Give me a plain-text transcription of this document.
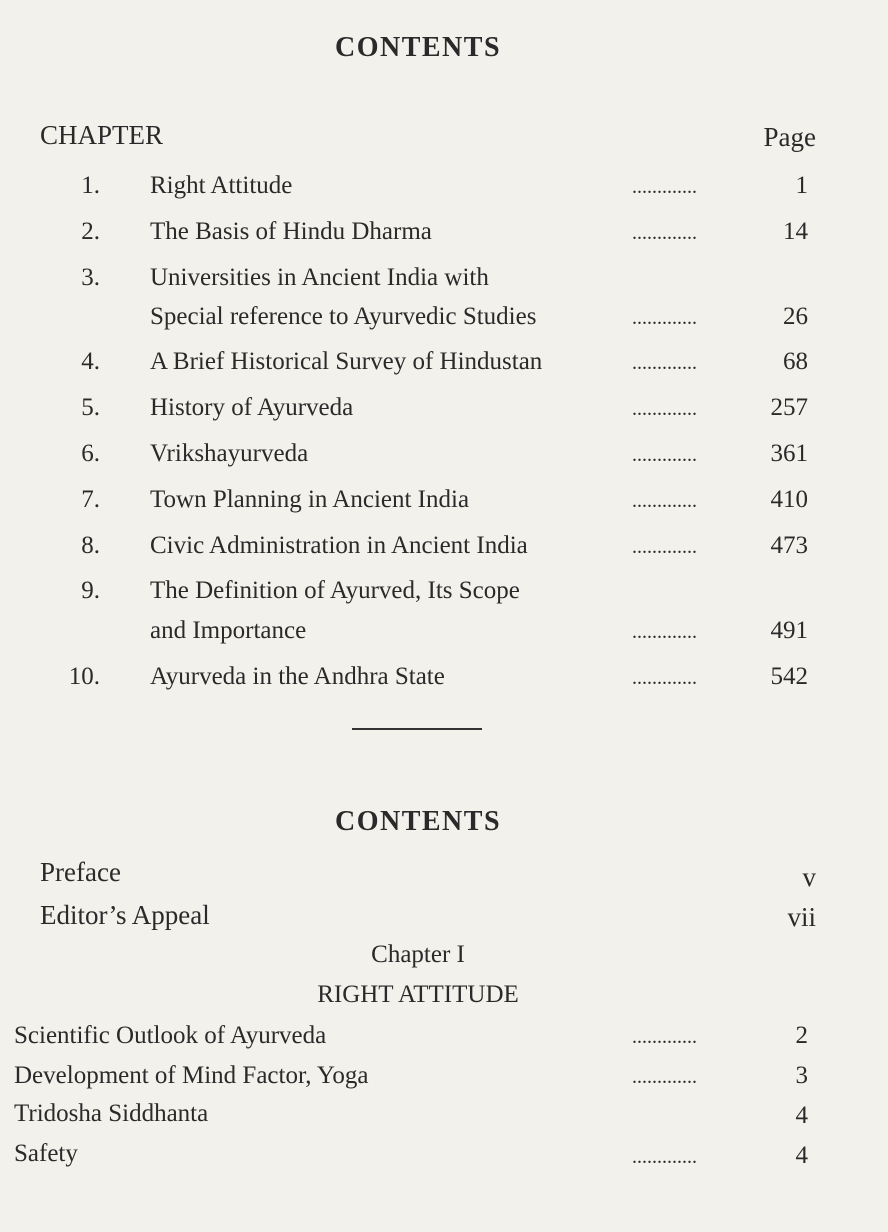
CONTENTS
CHAPTER	Page
1. Right Attitude	.............	1
2. The Basis of Hindu Dharma	.............	14
3. Universities in Ancient India with
Special reference to Ayurvedic Studies	.............	26
4. A Brief Historical Survey of Hindustan	.............	68
5. History of Ayurveda	.............	257
6. Vrikshayurveda	.............	361
7. Town Planning in Ancient India	.............	410
8. Civic Administration in Ancient India	.............	473
9. The Definition of Ayurved, Its Scope
and Importance	.............	491
10. Ayurveda in the Andhra State	.............	542
CONTENTS
Preface	v
Editor’s Appeal	vii
Chapter I
RIGHT ATTITUDE
Scientific Outlook of Ayurveda	.............	2
Development of Mind Factor, Yoga	.............	3
Tridosha Siddhanta	4
Safety	.............	4
